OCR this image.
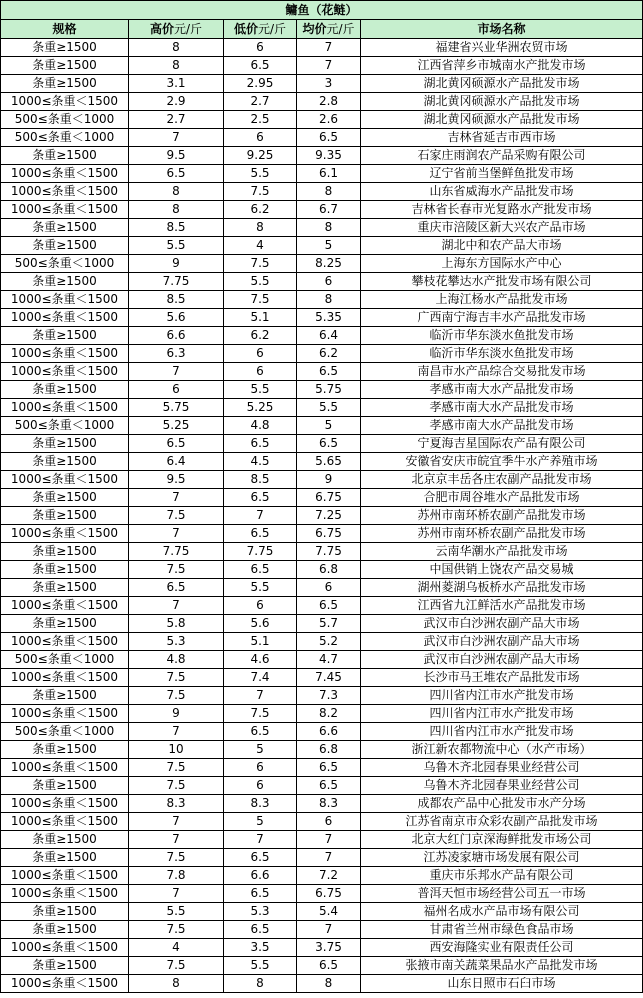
鳙鱼（花鲢）				
规格	高价元/斤	低价元/斤	均价元/斤	市场名称
条重≥1500	8	6	7	福建省兴业华洲农贸市场
条重≥1500	8	6.5	7	江西省萍乡市城南水产批发市场
条重≥1500	3.1	2.95	3	湖北黄冈硕源水产品批发市场
1000≤条重＜1500	2.9	2.7	2.8	湖北黄冈硕源水产品批发市场
500≤条重＜1000	2.7	2.5	2.6	湖北黄冈硕源水产品批发市场
500≤条重＜1000	7	6	6.5	吉林省延吉市西市场
条重≥1500	9.5	9.25	9.35	石家庄雨润农产品采购有限公司
1000≤条重＜1500	6.5	5.5	6.1	辽宁省前当堡鲜鱼批发市场
1000≤条重＜1500	8	7.5	8	山东省威海水产品批发市场
1000≤条重＜1500	8	6.2	6.7	吉林省长春市光复路水产批发市场
条重≥1500	8.5	8	8	重庆市涪陵区新大兴农产品市场
条重≥1500	5.5	4	5	湖北中和农产品大市场
500≤条重＜1000	9	7.5	8.25	上海东方国际水产中心
条重≥1500	7.75	5.5	6	攀枝花攀达水产批发市场有限公司
1000≤条重＜1500	8.5	7.5	8	上海江杨水产品批发市场
1000≤条重＜1500	5.6	5.1	5.35	广西南宁海吉丰水产品批发市场
条重≥1500	6.6	6.2	6.4	临沂市华东淡水鱼批发市场
1000≤条重＜1500	6.3	6	6.2	临沂市华东淡水鱼批发市场
1000≤条重＜1500	7	6	6.5	南昌市水产品综合交易批发市场
条重≥1500	6	5.5	5.75	孝感市南大水产品批发市场
1000≤条重＜1500	5.75	5.25	5.5	孝感市南大水产品批发市场
500≤条重＜1000	5.25	4.8	5	孝感市南大水产品批发市场
条重≥1500	6.5	6.5	6.5	宁夏海吉星国际农产品有限公司
条重≥1500	6.4	4.5	5.65	安徽省安庆市皖宜季牛水产养殖市场
1000≤条重＜1500	9.5	8.5	9	北京京丰岳各庄农副产品批发市场
条重≥1500	7	6.5	6.75	合肥市周谷堆水产品批发市场
条重≥1500	7.5	7	7.25	苏州市南环桥农副产品批发市场
1000≤条重＜1500	7	6.5	6.75	苏州市南环桥农副产品批发市场
条重≥1500	7.75	7.75	7.75	云南华潮水产品批发市场
条重≥1500	7.5	6.5	6.8	中国供销上饶农产品交易城
条重≥1500	6.5	5.5	6	湖州菱湖乌板桥水产品批发市场
1000≤条重＜1500	7	6	6.5	江西省九江鲜活水产品批发市场
条重≥1500	5.8	5.6	5.7	武汉市白沙洲农副产品大市场
1000≤条重＜1500	5.3	5.1	5.2	武汉市白沙洲农副产品大市场
500≤条重＜1000	4.8	4.6	4.7	武汉市白沙洲农副产品大市场
1000≤条重＜1500	7.5	7.4	7.45	长沙市马王堆农产品批发市场
条重≥1500	7.5	7	7.3	四川省内江市水产批发市场
1000≤条重＜1500	9	7.5	8.2	四川省内江市水产批发市场
500≤条重＜1000	7	6.5	6.6	四川省内江市水产批发市场
条重≥1500	10	5	6.8	浙江新农都物流中心（水产市场）
1000≤条重＜1500	7.5	6	6.5	乌鲁木齐北园春果业经营公司
条重≥1500	7.5	6	6.5	乌鲁木齐北园春果业经营公司
1000≤条重＜1500	8.3	8.3	8.3	成都农产品中心批发市水产分场
1000≤条重＜1500	7	5	6	江苏省南京市众彩农副产品批发市场
条重≥1500	7	7	7	北京大红门京深海鲜批发市场公司
条重≥1500	7.5	6.5	7	江苏凌家塘市场发展有限公司
1000≤条重＜1500	7.8	6.6	7.2	重庆市乐邦水产品有限公司
1000≤条重＜1500	7	6.5	6.75	普洱天恒市场经营公司五一市场
条重≥1500	5.5	5.3	5.4	福州名成水产品市场有限公司
条重≥1500	7.5	6.5	7	甘肃省兰州市绿色食品市场
1000≤条重＜1500	4	3.5	3.75	西安海隆实业有限责任公司
条重≥1500	7.5	5.5	6.5	张掖市南关蔬菜果品水产品批发市场
1000≤条重＜1500	8	8	8	山东日照市石臼市场
